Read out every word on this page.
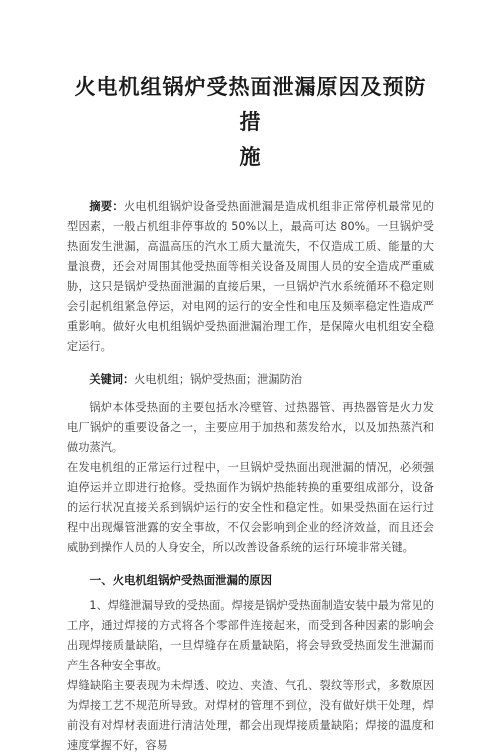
火电机组锅炉受热面泄漏原因及预防措
施

摘要：火电机组锅炉设备受热面泄漏是造成机组非正常停机最常见的型因素，一般占机组非停事故的 50%以上，最高可达 80%。一旦锅炉受热面发生泄漏，高温高压的汽水工质大量流失，不仅造成工质、能量的大量浪费，还会对周围其他受热面等相关设备及周围人员的安全造成严重威胁，这只是锅炉受热面泄漏的直接后果，一旦锅炉汽水系统循环不稳定则会引起机组紧急停运，对电网的运行的安全性和电压及频率稳定性造成严重影响。做好火电机组锅炉受热面泄漏治理工作，是保障火电机组安全稳定运行。

关键词：火电机组；锅炉受热面；泄漏防治

锅炉本体受热面的主要包括水冷壁管、过热器管、再热器管是火力发电厂锅炉的重要设备之一，主要应用于加热和蒸发给水，以及加热蒸汽和做功蒸汽。

在发电机组的正常运行过程中，一旦锅炉受热面出现泄漏的情况，必须强迫停运并立即进行抢修。受热面作为锅炉热能转换的重要组成部分，设备的运行状况直接关系到锅炉运行的安全性和稳定性。如果受热面在运行过程中出现爆管泄露的安全事故，不仅会影响到企业的经济效益，而且还会威胁到操作人员的人身安全，所以改善设备系统的运行环境非常关键。

一、火电机组锅炉受热面泄漏的原因

1、焊缝泄漏导致的受热面。焊接是锅炉受热面制造安装中最为常见的工序，通过焊接的方式将各个零部件连接起来，而受到各种因素的影响会出现焊接质量缺陷，一旦焊缝存在质量缺陷，将会导致受热面发生泄漏而产生各种安全事故。

焊缝缺陷主要表现为未焊透、咬边、夹渣、气孔、裂纹等形式，多数原因为焊接工艺不规范所导致。对焊材的管理不到位，没有做好烘干处理，焊前没有对焊材表面进行清洁处理，都会出现焊接质量缺陷；焊接的温度和速度掌握不好，容易
